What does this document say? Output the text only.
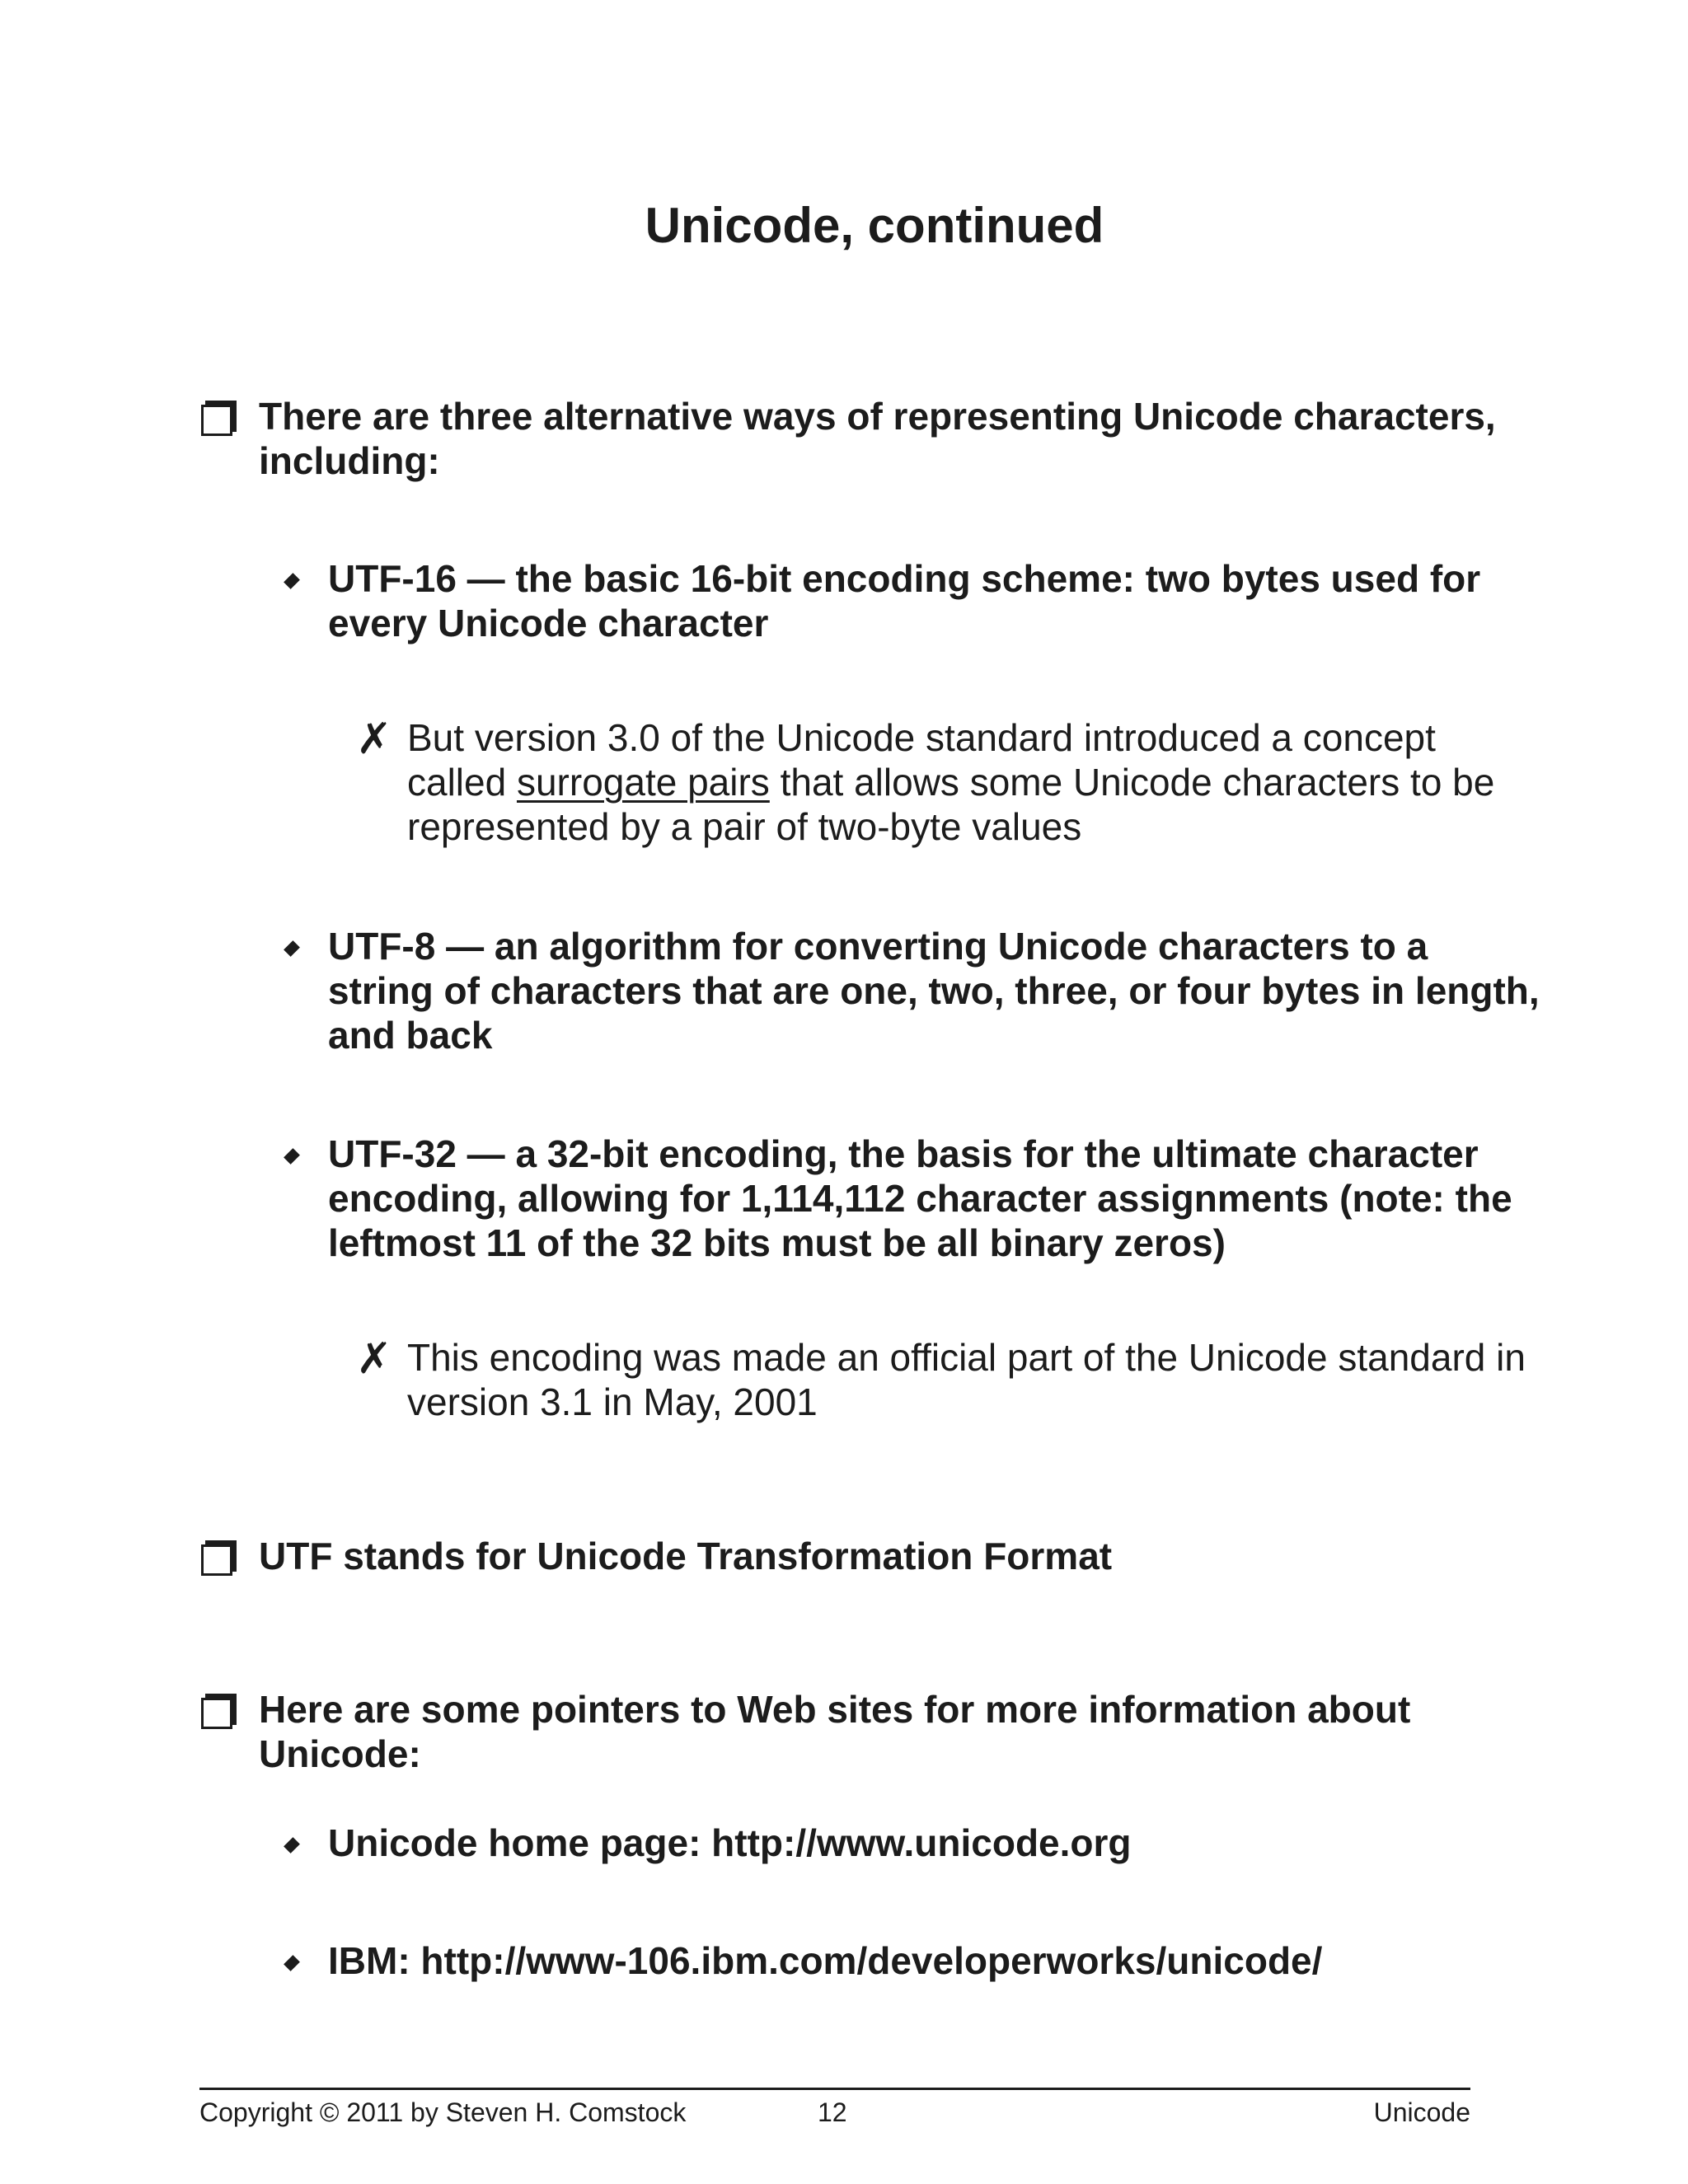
Unicode, continued
There are three alternative ways of representing Unicode characters, including:
UTF-16 — the basic 16-bit encoding scheme: two bytes used for every Unicode character
✗ But version 3.0 of the Unicode standard introduced a concept called surrogate pairs that allows some Unicode characters to be represented by a pair of two-byte values
UTF-8 — an algorithm for converting Unicode characters to a string of characters that are one, two, three, or four bytes in length, and back
UTF-32 — a 32-bit encoding, the basis for the ultimate character encoding, allowing for 1,114,112 character assignments (note: the leftmost 11 of the 32 bits must be all binary zeros)
✗ This encoding was made an official part of the Unicode standard in version 3.1 in May, 2001
UTF stands for Unicode Transformation Format
Here are some pointers to Web sites for more information about Unicode:
Unicode home page: http://www.unicode.org
IBM: http://www-106.ibm.com/developerworks/unicode/
Copyright © 2011 by Steven H. Comstock	12	Unicode
